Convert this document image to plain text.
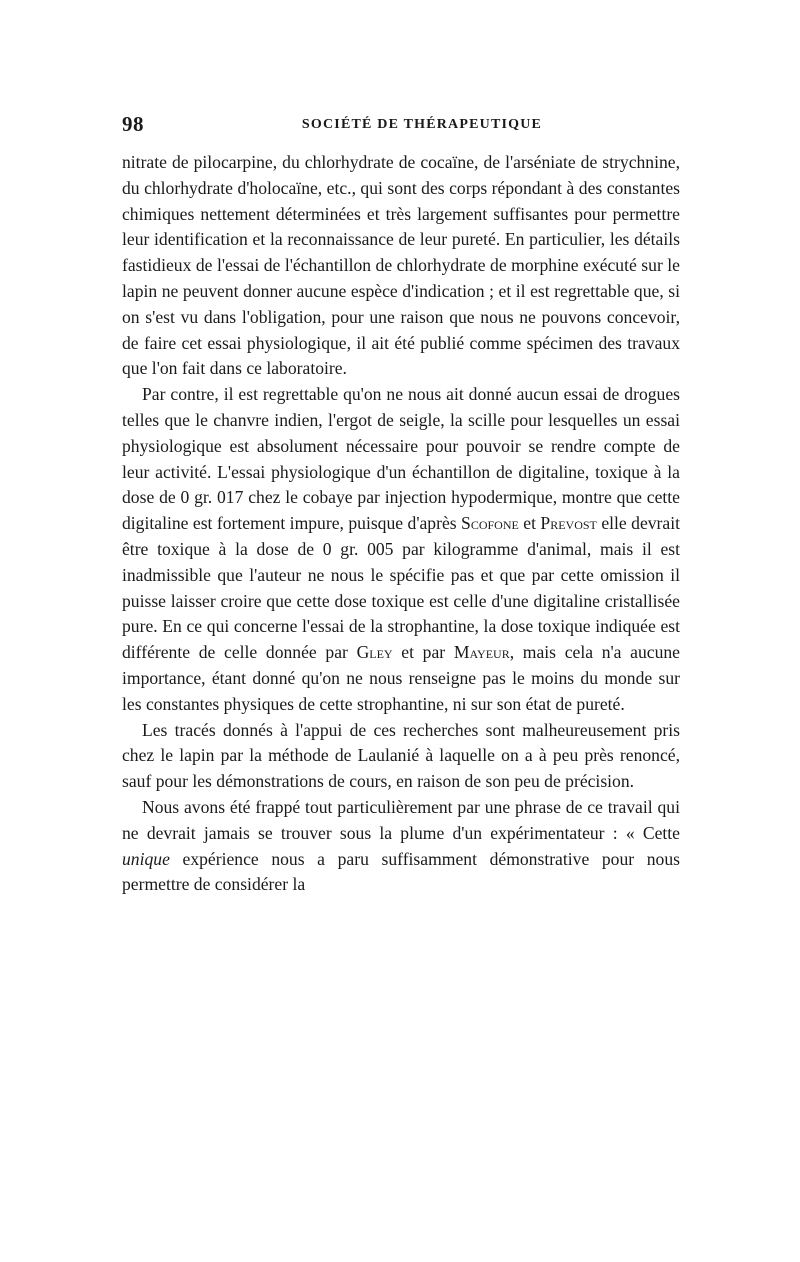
98	SOCIÉTÉ DE THÉRAPEUTIQUE

nitrate de pilocarpine, du chlorhydrate de cocaïne, de l'arséniate de strychnine, du chlorhydrate d'holocaïne, etc., qui sont des corps répondant à des constantes chimiques nettement déterminées et très largement suffisantes pour permettre leur identification et la reconnaissance de leur pureté. En particulier, les détails fastidieux de l'essai de l'échantillon de chlorhydrate de morphine exécuté sur le lapin ne peuvent donner aucune espèce d'indication ; et il est regrettable que, si on s'est vu dans l'obligation, pour une raison que nous ne pouvons concevoir, de faire cet essai physiologique, il ait été publié comme spécimen des travaux que l'on fait dans ce laboratoire.

Par contre, il est regrettable qu'on ne nous ait donné aucun essai de drogues telles que le chanvre indien, l'ergot de seigle, la scille pour lesquelles un essai physiologique est absolument nécessaire pour pouvoir se rendre compte de leur activité. L'essai physiologique d'un échantillon de digitaline, toxique à la dose de 0 gr. 017 chez le cobaye par injection hypodermique, montre que cette digitaline est fortement impure, puisque d'après Scofone et Prevost elle devrait être toxique à la dose de 0 gr. 005 par kilogramme d'animal, mais il est inadmissible que l'auteur ne nous le spécifie pas et que par cette omission il puisse laisser croire que cette dose toxique est celle d'une digitaline cristallisée pure. En ce qui concerne l'essai de la strophantine, la dose toxique indiquée est différente de celle donnée par Gley et par Mayeur, mais cela n'a aucune importance, étant donné qu'on ne nous renseigne pas le moins du monde sur les constantes physiques de cette strophantine, ni sur son état de pureté.

Les tracés donnés à l'appui de ces recherches sont malheureusement pris chez le lapin par la méthode de Laulanié à laquelle on a à peu près renoncé, sauf pour les démonstrations de cours, en raison de son peu de précision.

Nous avons été frappé tout particulièrement par une phrase de ce travail qui ne devrait jamais se trouver sous la plume d'un expérimentateur : « Cette unique expérience nous a paru suffisamment démonstrative pour nous permettre de considérer la
